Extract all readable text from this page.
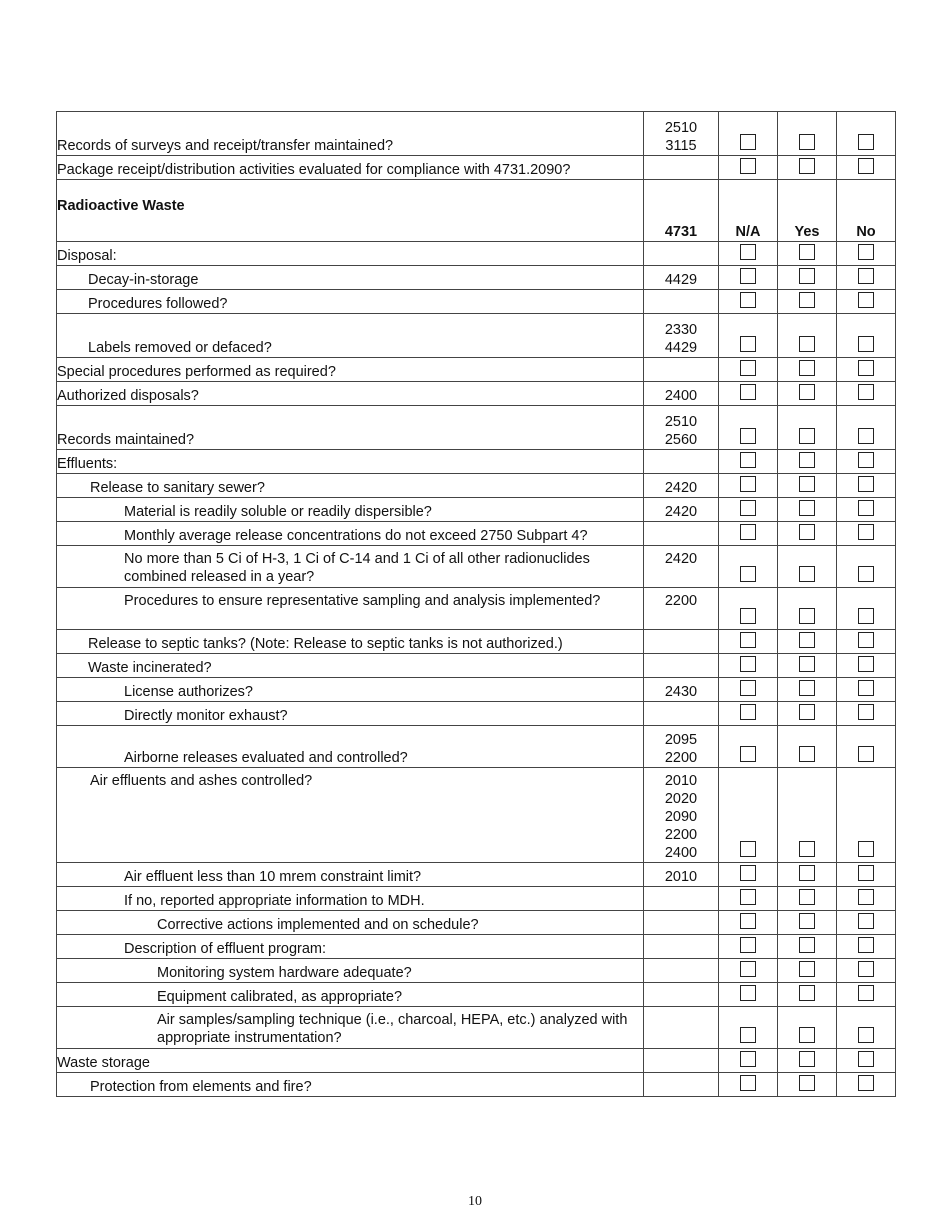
Records of surveys and receipt/transfer maintained?	2510
3115			
Package receipt/distribution activities evaluated for compliance with 4731.2090?				
Radioactive Waste	4731	N/A	Yes	No
Disposal:				

Decay-in-storage	4429			

Procedures followed?				

Labels removed or defaced?	2330
4429			
Special procedures performed as required?				
Authorized disposals?	2400			
Records maintained?	2510
2560			
Effluents:				

Release to sanitary sewer?	2420			

Material is readily soluble or readily dispersible?	2420			

Monthly average release concentrations do not exceed 2750 Subpart 4?				

No more than 5 Ci of H-3, 1 Ci of C-14 and 1 Ci of all other radionuclides combined released in a year?	2420			

Procedures to ensure representative sampling and analysis implemented?	2200			

Release to septic tanks? (Note: Release to septic tanks is not authorized.)				

Waste incinerated?				

License authorizes?	2430			

Directly monitor exhaust?				

Airborne releases evaluated and controlled?	2095
2200			

Air effluents and ashes controlled?	2010
2020
2090
2200
2400			

Air effluent less than 10 mrem constraint limit?	2010			

If no, reported appropriate information to MDH.				

Corrective actions implemented and on schedule?				

Description of effluent program:				

Monitoring system hardware adequate?				

Equipment calibrated, as appropriate?				

Air samples/sampling technique (i.e., charcoal, HEPA, etc.) analyzed with appropriate instrumentation?				

Waste storage				

Protection from elements and fire?				

10
